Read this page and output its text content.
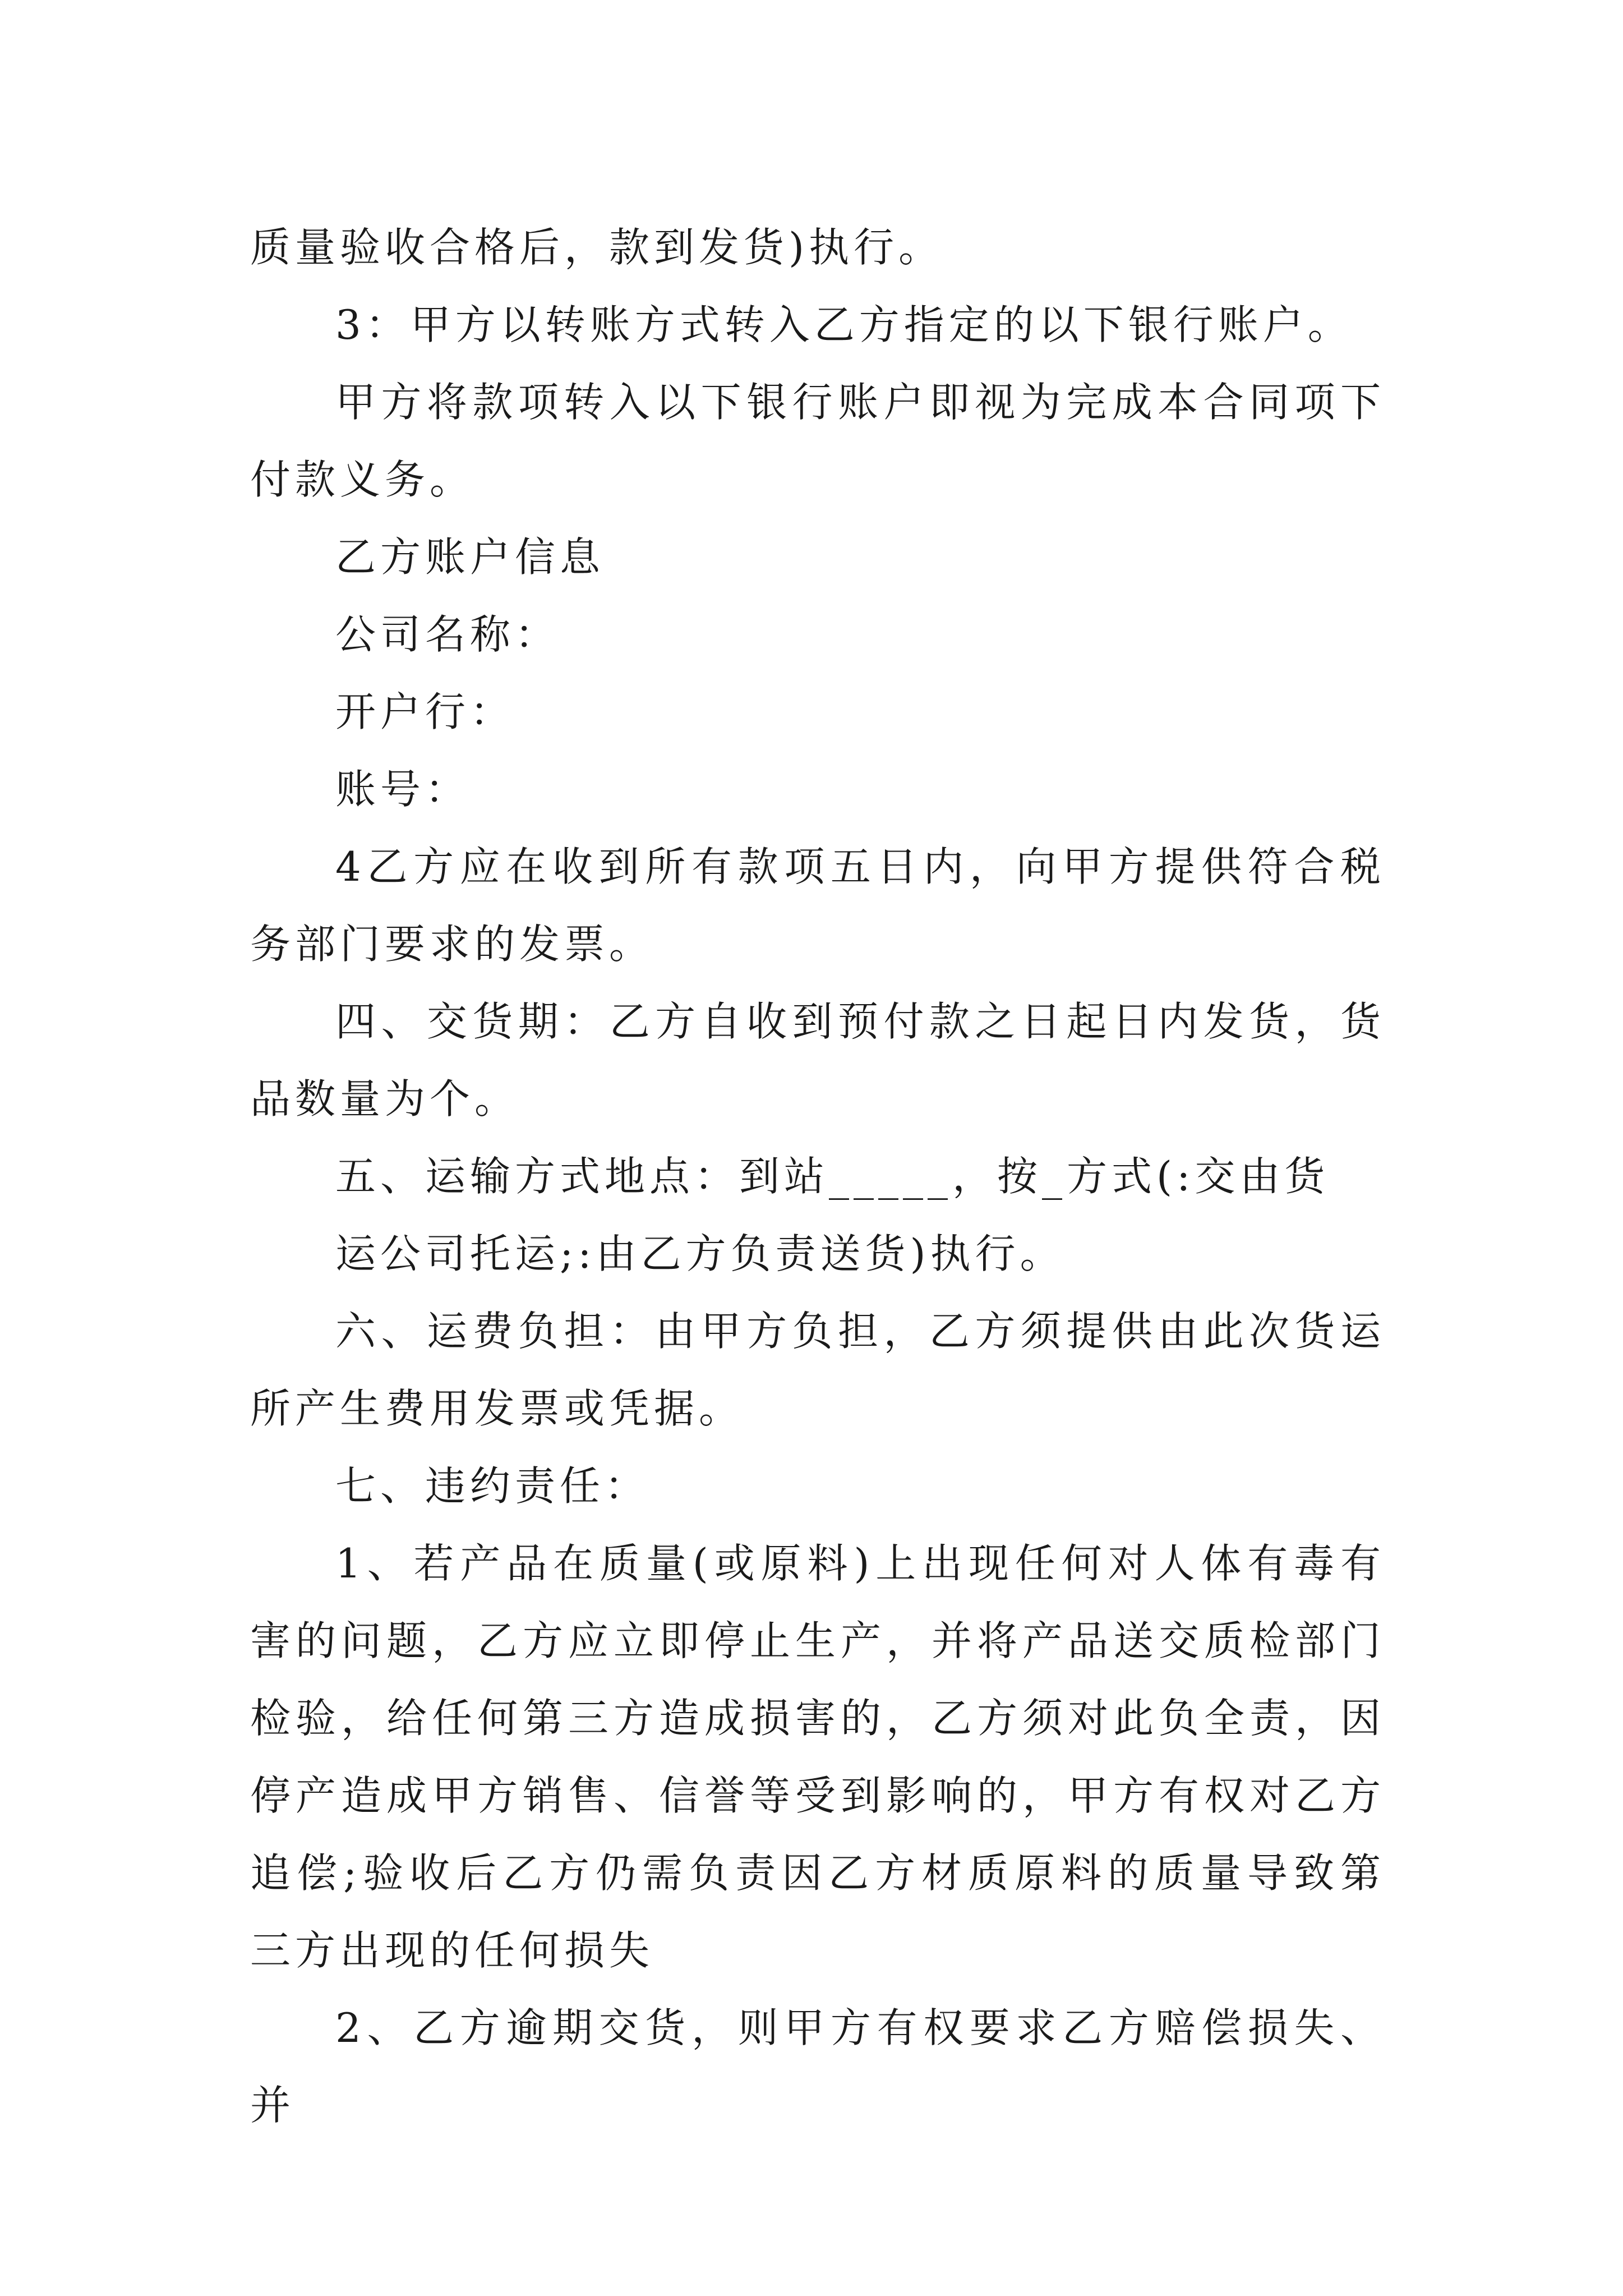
质量验收合格后，款到发货)执行。

3：甲方以转账方式转入乙方指定的以下银行账户。

甲方将款项转入以下银行账户即视为完成本合同项下付款义务。

乙方账户信息

公司名称：

开户行：

账号：

4乙方应在收到所有款项五日内，向甲方提供符合税务部门要求的发票。

四、交货期：乙方自收到预付款之日起日内发货，货品数量为个。

五、运输方式地点：到站_____，按_方式(:交由货

运公司托运;:由乙方负责送货)执行。

六、运费负担：由甲方负担，乙方须提供由此次货运所产生费用发票或凭据。

七、违约责任：

1、若产品在质量(或原料)上出现任何对人体有毒有害的问题，乙方应立即停止生产，并将产品送交质检部门检验，给任何第三方造成损害的，乙方须对此负全责，因停产造成甲方销售、信誉等受到影响的，甲方有权对乙方追偿;验收后乙方仍需负责因乙方材质原料的质量导致第三方出现的任何损失

2、乙方逾期交货，则甲方有权要求乙方赔偿损失、并
